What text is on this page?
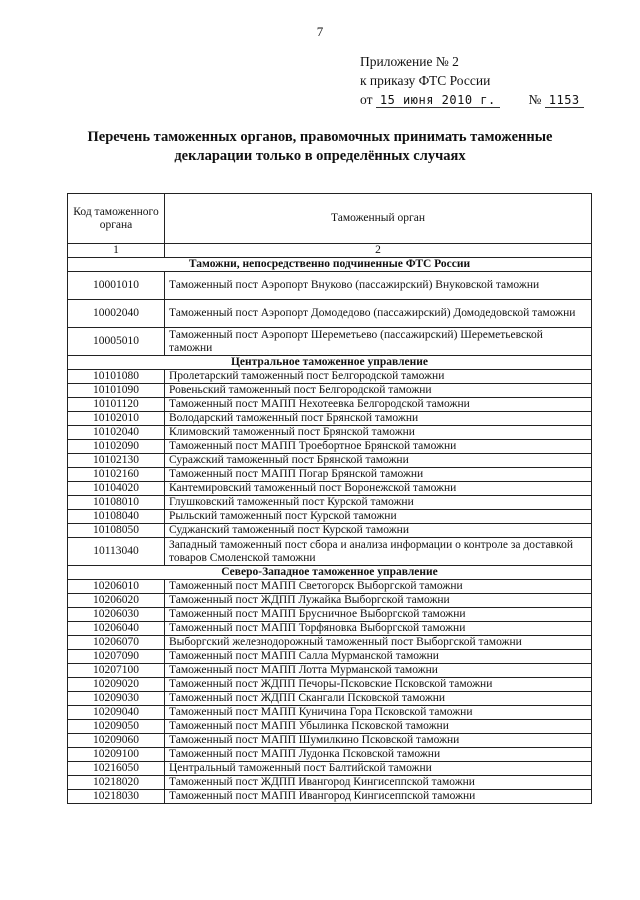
7
Приложение № 2
к приказу ФТС России
от 15 июня 2010 г. № 1153
Перечень таможенных органов, правомочных принимать таможенные
декларации только в определённых случаях
Код таможенного органа	Таможенный орган
1	2
Таможни, непосредственно подчиненные ФТС России	
10001010	Таможенный пост Аэропорт Внуково (пассажирский) Внуковской таможни
10002040	Таможенный пост Аэропорт Домодедово (пассажирский) Домодедовской таможни
10005010	Таможенный пост Аэропорт Шереметьево (пассажирский) Шереметьевской таможни
Центральное таможенное управление	
10101080	Пролетарский таможенный пост Белгородской таможни
10101090	Ровеньский таможенный пост Белгородской таможни
10101120	Таможенный пост МАПП Нехотеевка Белгородской таможни
10102010	Володарский таможенный пост Брянской таможни
10102040	Климовский таможенный пост Брянской таможни
10102090	Таможенный пост МАПП Троебортное Брянской таможни
10102130	Суражский таможенный пост Брянской таможни
10102160	Таможенный пост МАПП Погар Брянской таможни
10104020	Кантемировский таможенный пост Воронежской таможни
10108010	Глушковский таможенный пост Курской таможни
10108040	Рыльский таможенный пост Курской таможни
10108050	Суджанский таможенный пост Курской таможни
10113040	Западный таможенный пост сбора и анализа информации о контроле за доставкой товаров Смоленской таможни
Северо-Западное таможенное управление	
10206010	Таможенный пост МАПП Светогорск Выборгской таможни
10206020	Таможенный пост ЖДПП Лужайка Выборгской таможни
10206030	Таможенный пост МАПП Брусничное Выборгской таможни
10206040	Таможенный пост МАПП Торфяновка Выборгской таможни
10206070	Выборгский железнодорожный таможенный пост Выборгской таможни
10207090	Таможенный пост МАПП Салла Мурманской таможни
10207100	Таможенный пост МАПП Лотта Мурманской таможни
10209020	Таможенный пост ЖДПП Печоры-Псковские Псковской таможни
10209030	Таможенный пост ЖДПП Скангали Псковской таможни
10209040	Таможенный пост МАПП Куничина Гора Псковской таможни
10209050	Таможенный пост МАПП Убылинка Псковской таможни
10209060	Таможенный пост МАПП Шумилкино Псковской таможни
10209100	Таможенный пост МАПП Лудонка Псковской таможни
10216050	Центральный таможенный пост Балтийской таможни
10218020	Таможенный пост ЖДПП Ивангород Кингисеппской таможни
10218030	Таможенный пост МАПП Ивангород Кингисеппской таможни
